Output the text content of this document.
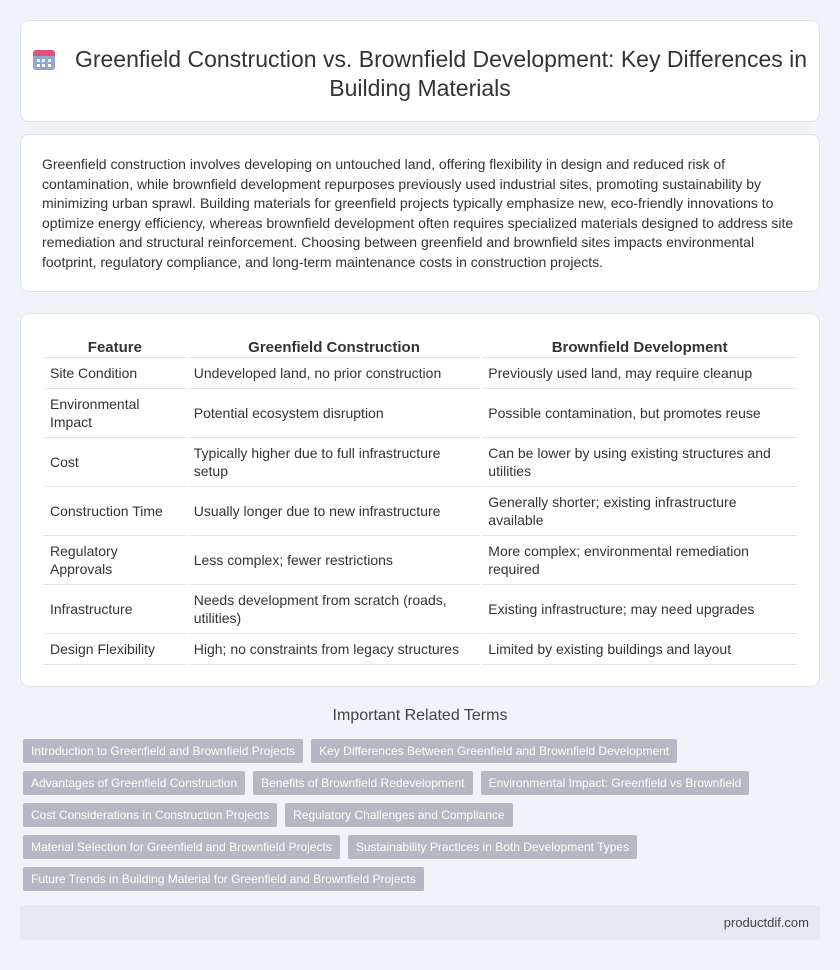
Greenfield Construction vs. Brownfield Development: Key Differences in Building Materials

Greenfield construction involves developing on untouched land, offering flexibility in design and reduced risk of contamination, while brownfield development repurposes previously used industrial sites, promoting sustainability by minimizing urban sprawl. Building materials for greenfield projects typically emphasize new, eco-friendly innovations to optimize energy efficiency, whereas brownfield development often requires specialized materials designed to address site remediation and structural reinforcement. Choosing between greenfield and brownfield sites impacts environmental footprint, regulatory compliance, and long-term maintenance costs in construction projects.

Feature	Greenfield Construction	Brownfield Development
Site Condition	Undeveloped land, no prior construction	Previously used land, may require cleanup
Environmental Impact	Potential ecosystem disruption	Possible contamination, but promotes reuse
Cost	Typically higher due to full infrastructure setup	Can be lower by using existing structures and utilities
Construction Time	Usually longer due to new infrastructure	Generally shorter; existing infrastructure available
Regulatory Approvals	Less complex; fewer restrictions	More complex; environmental remediation required
Infrastructure	Needs development from scratch (roads, utilities)	Existing infrastructure; may need upgrades
Design Flexibility	High; no constraints from legacy structures	Limited by existing buildings and layout
Important Related Terms
Introduction to Greenfield and Brownfield Projects	Key Differences Between Greenfield and Brownfield Development
Advantages of Greenfield Construction	Benefits of Brownfield Redevelopment	Environmental Impact: Greenfield vs Brownfield
Cost Considerations in Construction Projects	Regulatory Challenges and Compliance
Material Selection for Greenfield and Brownfield Projects	Sustainability Practices in Both Development Types
Future Trends in Building Material for Greenfield and Brownfield Projects
productdif.com
